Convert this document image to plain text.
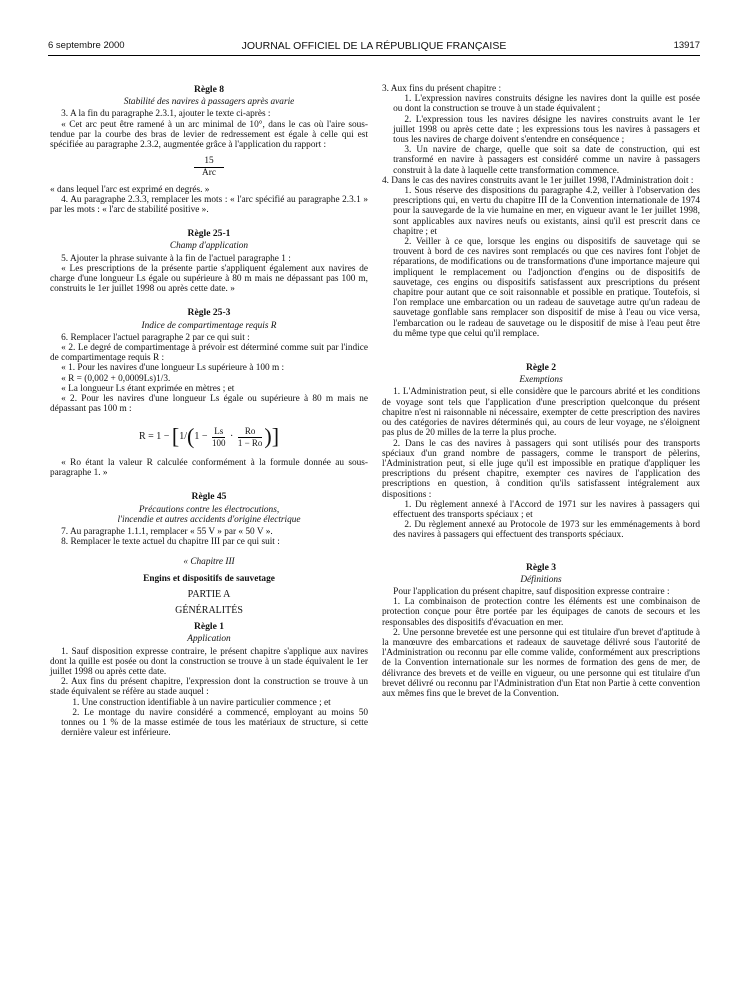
6 septembre 2000	JOURNAL OFFICIEL DE LA RÉPUBLIQUE FRANÇAISE	13917
Règle 8
Stabilité des navires à passagers après avarie

3. A la fin du paragraphe 2.3.1, ajouter le texte ci-après :

« Cet arc peut être ramené à un arc minimal de 10°, dans le cas où l'aire sous-tendue par la courbe des bras de levier de redressement est égale à celle qui est spécifiée au paragraphe 2.3.2, augmentée grâce à l'application du rapport :

15
Arc

« dans lequel l'arc est exprimé en degrés. »

4. Au paragraphe 2.3.3, remplacer les mots : « l'arc spécifié au paragraphe 2.3.1 » par les mots : « l'arc de stabilité positive ».

Règle 25-1
Champ d'application

5. Ajouter la phrase suivante à la fin de l'actuel paragraphe 1 :

« Les prescriptions de la présente partie s'appliquent également aux navires de charge d'une longueur Ls égale ou supérieure à 80 m mais ne dépassant pas 100 m, construits le 1er juillet 1998 ou après cette date. »

Règle 25-3
Indice de compartimentage requis R

6. Remplacer l'actuel paragraphe 2 par ce qui suit :

« 2. Le degré de compartimentage à prévoir est déterminé comme suit par l'indice de compartimentage requis R :

« 1. Pour les navires d'une longueur Ls supérieure à 100 m :

« R = (0,002 + 0,0009Ls)1/3.

« La longueur Ls étant exprimée en mètres ; et

« 2. Pour les navires d'une longueur Ls égale ou supérieure à 80 m mais ne dépassant pas 100 m :

$R = 1 - [1/(1 - \frac{Ls}{100} \cdot \frac{Ro}{1 - Ro}$ )]

« Ro étant la valeur R calculée conformément à la formule donnée au sous-paragraphe 1. »

Règle 45
Précautions contre les électrocutions,
l'incendie et autres accidents d'origine électrique

7. Au paragraphe 1.1.1, remplacer « 55 V » par « 50 V ».

8. Remplacer le texte actuel du chapitre III par ce qui suit :

« Chapitre III
Engins et dispositifs de sauvetage
PARTIE A
GÉNÉRALITÉS
Règle 1
Application

1. Sauf disposition expresse contraire, le présent chapitre s'applique aux navires dont la quille est posée ou dont la construction se trouve à un stade équivalent le 1er juillet 1998 ou après cette date.

2. Aux fins du présent chapitre, l'expression dont la construction se trouve à un stade équivalent se réfère au stade auquel :

1. Une construction identifiable à un navire particulier commence ; et

2. Le montage du navire considéré a commencé, employant au moins 50 tonnes ou 1 % de la masse estimée de tous les matériaux de structure, si cette dernière valeur est inférieure.

3. Aux fins du présent chapitre :

1. L'expression navires construits désigne les navires dont la quille est posée ou dont la construction se trouve à un stade équivalent ;

2. L'expression tous les navires désigne les navires construits avant le 1er juillet 1998 ou après cette date ; les expressions tous les navires à passagers et tous les navires de charge doivent s'entendre en conséquence ;

3. Un navire de charge, quelle que soit sa date de construction, qui est transformé en navire à passagers est considéré comme un navire à passagers construit à la date à laquelle cette transformation commence.

4. Dans le cas des navires construits avant le 1er juillet 1998, l'Administration doit :

1. Sous réserve des dispositions du paragraphe 4.2, veiller à l'observation des prescriptions qui, en vertu du chapitre III de la Convention internationale de 1974 pour la sauvegarde de la vie humaine en mer, en vigueur avant le 1er juillet 1998, sont applicables aux navires neufs ou existants, ainsi qu'il est prescrit dans ce chapitre ; et

2. Veiller à ce que, lorsque les engins ou dispositifs de sauvetage qui se trouvent à bord de ces navires sont remplacés ou que ces navires font l'objet de réparations, de modifications ou de transformations d'une importance majeure qui impliquent le remplacement ou l'adjonction d'engins ou de dispositifs de sauvetage, ces engins ou dispositifs satisfassent aux prescriptions du présent chapitre pour autant que ce soit raisonnable et possible en pratique. Toutefois, si l'on remplace une embarcation ou un radeau de sauvetage autre qu'un radeau de sauvetage gonflable sans remplacer son dispositif de mise à l'eau ou vice versa, l'embarcation ou le radeau de sauvetage ou le dispositif de mise à l'eau peut être du même type que celui qu'il remplace.

Règle 2
Exemptions

1. L'Administration peut, si elle considère que le parcours abrité et les conditions de voyage sont tels que l'application d'une prescription quelconque du présent chapitre n'est ni raisonnable ni nécessaire, exempter de cette prescription des navires ou des catégories de navires déterminés qui, au cours de leur voyage, ne s'éloignent pas plus de 20 milles de la terre la plus proche.

2. Dans le cas des navires à passagers qui sont utilisés pour des transports spéciaux d'un grand nombre de passagers, comme le transport de pèlerins, l'Administration peut, si elle juge qu'il est impossible en pratique d'appliquer les prescriptions du présent chapitre, exempter ces navires de l'application des prescriptions en question, à condition qu'ils satisfassent intégralement aux dispositions :

1. Du règlement annexé à l'Accord de 1971 sur les navires à passagers qui effectuent des transports spéciaux ; et

2. Du règlement annexé au Protocole de 1973 sur les emménagements à bord des navires à passagers qui effectuent des transports spéciaux.

Règle 3
Définitions

Pour l'application du présent chapitre, sauf disposition expresse contraire :

1. La combinaison de protection contre les éléments est une combinaison de protection conçue pour être portée par les équipages de canots de secours et les responsables des dispositifs d'évacuation en mer.

2. Une personne brevetée est une personne qui est titulaire d'un brevet d'aptitude à la manœuvre des embarcations et radeaux de sauvetage délivré sous l'autorité de l'Administration ou reconnu par elle comme valide, conformément aux prescriptions de la Convention internationale sur les normes de formation des gens de mer, de délivrance des brevets et de veille en vigueur, ou une personne qui est titulaire d'un brevet délivré ou reconnu par l'Administration d'un Etat non Partie à cette convention aux mêmes fins que le brevet de la Convention.
